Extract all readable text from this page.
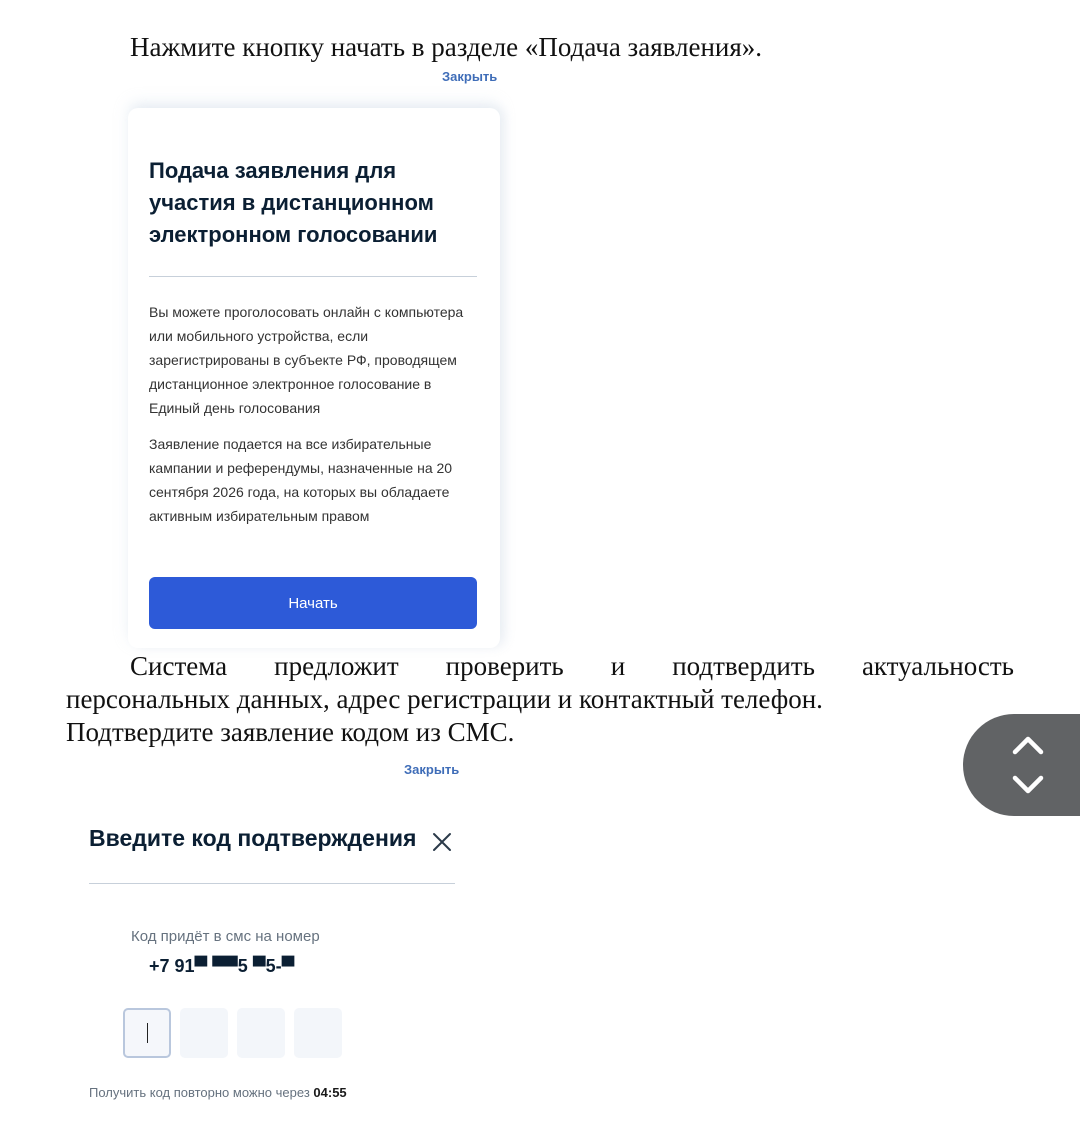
Нажмите кнопку начать в разделе «Подача заявления».
Закрыть
Подача заявления для участия в дистанционном электронном голосовании
Вы можете проголосовать онлайн с компьютера или мобильного устройства, если зарегистрированы в субъекте РФ, проводящем дистанционное электронное голосование в Единый день голосования
Заявление подается на все избирательные кампании и референдумы, назначенные на 20 сентября 2026 года, на которых вы обладаете активным избирательным правом
Начать
Система предложит проверить и подтвердить актуальность
персональных данных, адрес регистрации и контактный телефон.
Подтвердите заявление кодом из СМС.
Закрыть
Введите код подтверждения
Код придёт в смс на номер
+7 91▀ ▀▀5 ▀5-▀
Получить код повторно можно через 04:55
